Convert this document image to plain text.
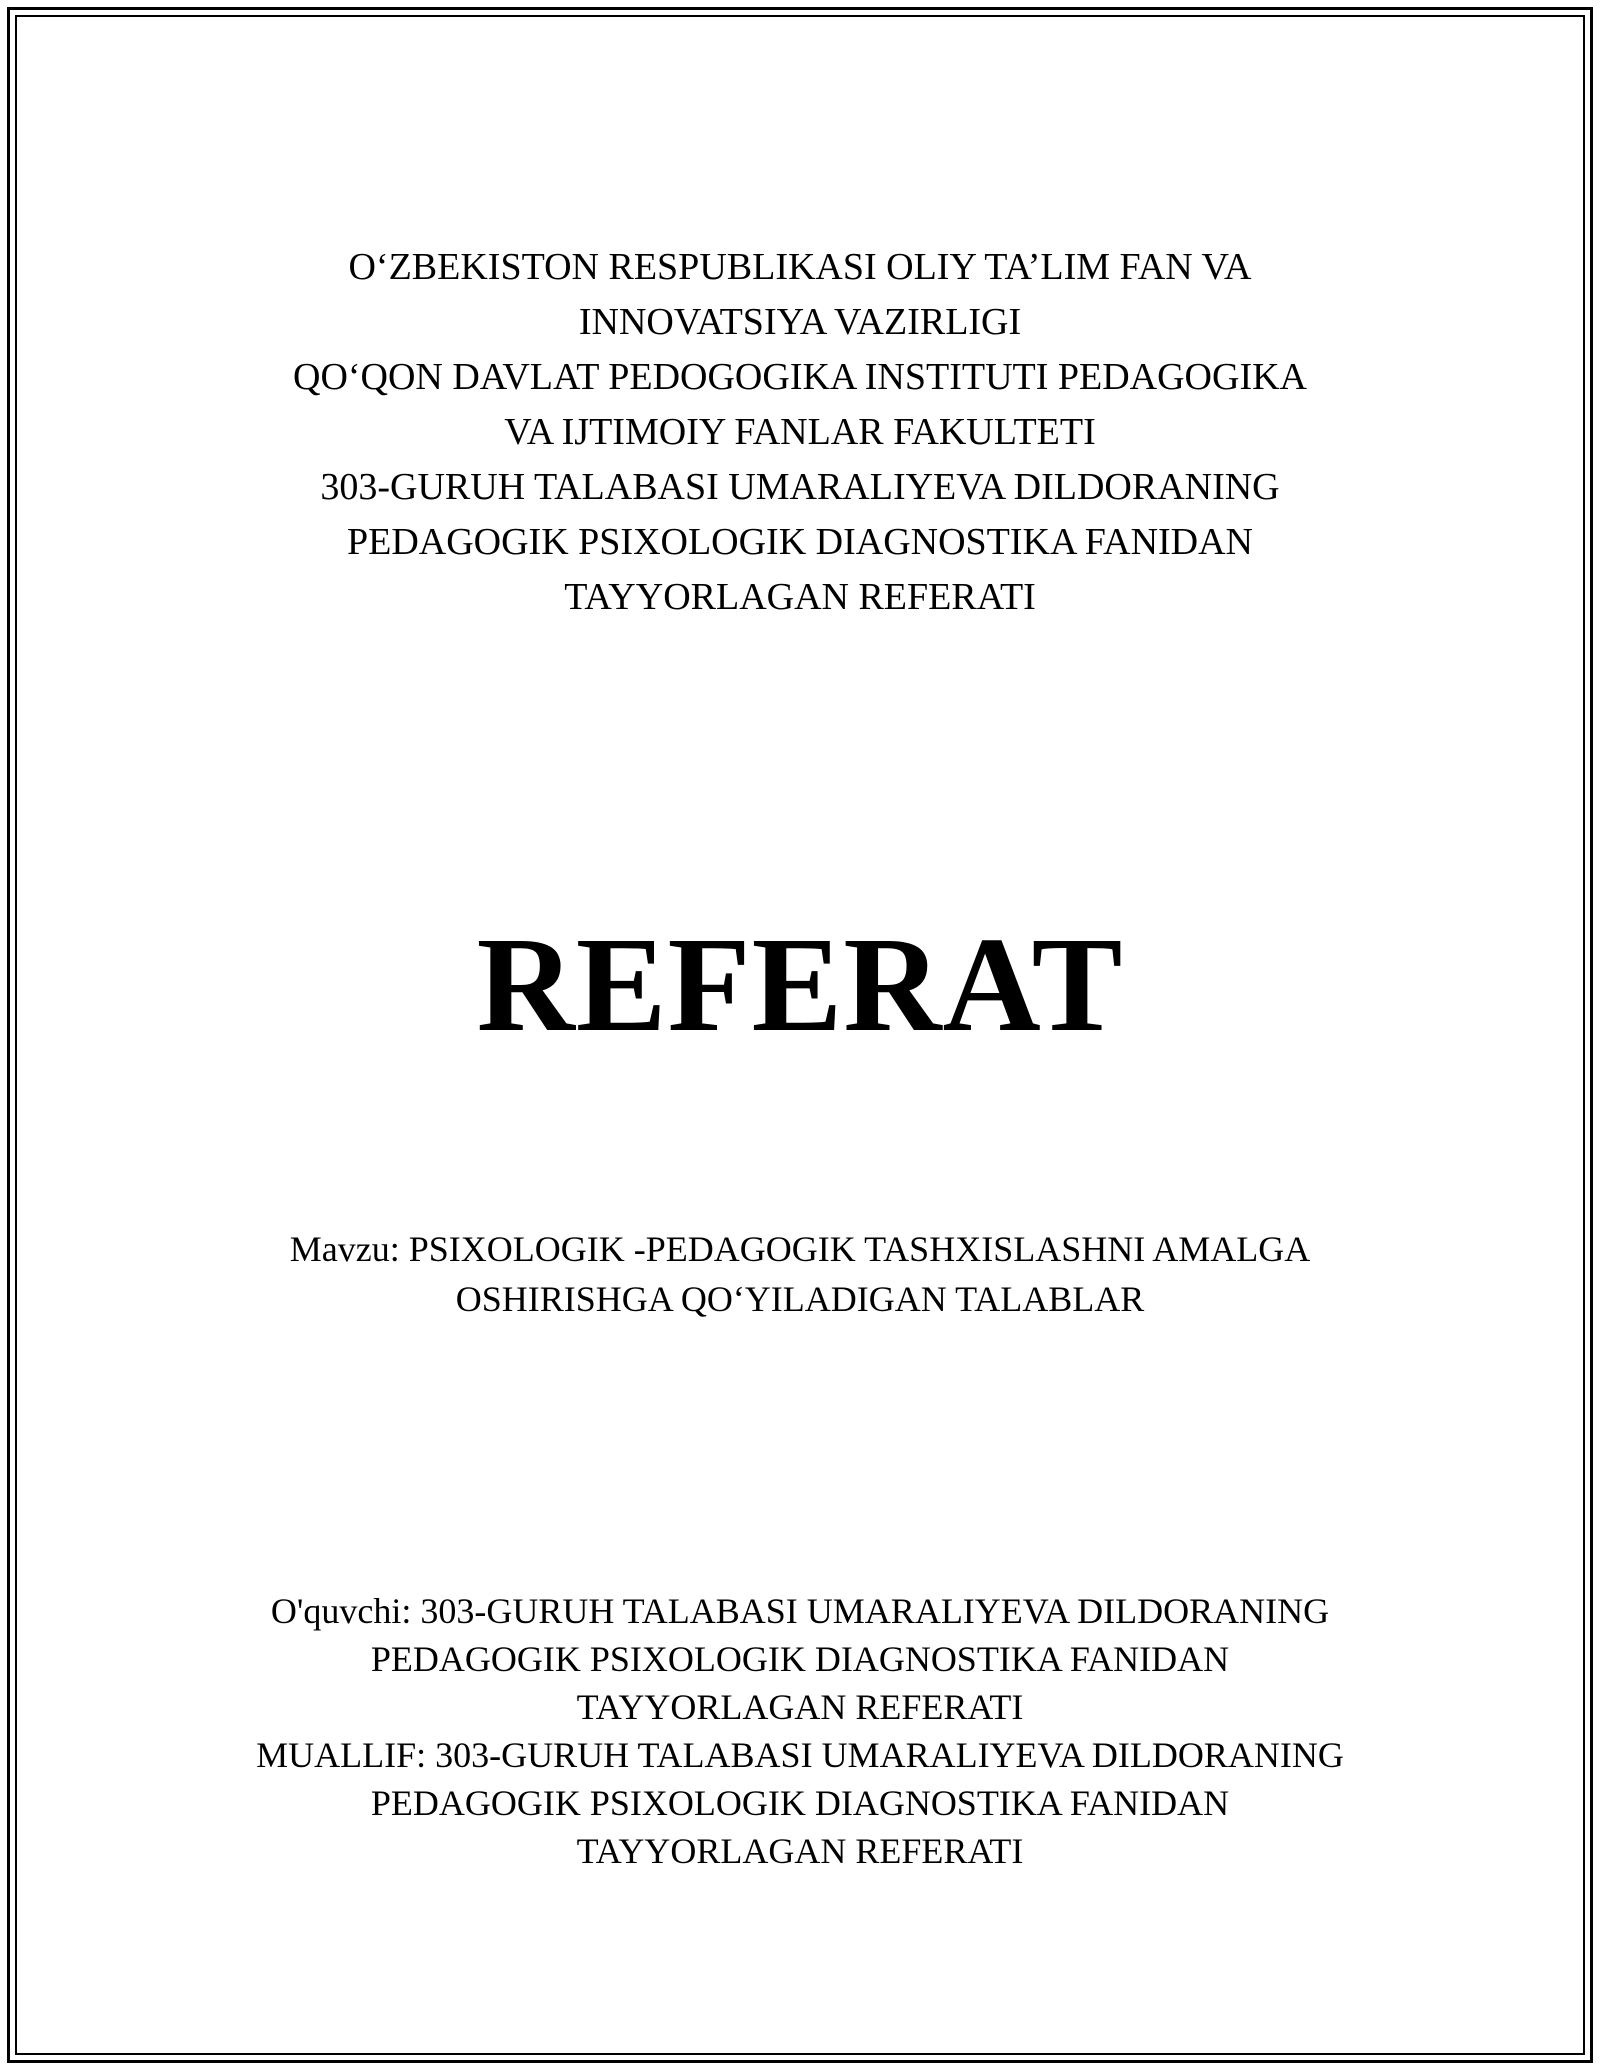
O‘ZBEKISTON RESPUBLIKASI OLIY TA’LIM FAN VA
INNOVATSIYA VAZIRLIGI
QO‘QON DAVLAT PEDOGOGIKA INSTITUTI PEDAGOGIKA
VA IJTIMOIY FANLAR FAKULTETI
303-GURUH TALABASI UMARALIYEVA DILDORANING
PEDAGOGIK PSIXOLOGIK DIAGNOSTIKA FANIDAN
TAYYORLAGAN REFERATI
REFERAT
Mavzu: PSIXOLOGIK -PEDAGOGIK TASHXISLASHNI AMALGA
OSHIRISHGA QO‘YILADIGAN TALABLAR
O'quvchi: 303-GURUH TALABASI UMARALIYEVA DILDORANING
PEDAGOGIK PSIXOLOGIK DIAGNOSTIKA FANIDAN
TAYYORLAGAN REFERATI
MUALLIF: 303-GURUH TALABASI UMARALIYEVA DILDORANING
PEDAGOGIK PSIXOLOGIK DIAGNOSTIKA FANIDAN
TAYYORLAGAN REFERATI
